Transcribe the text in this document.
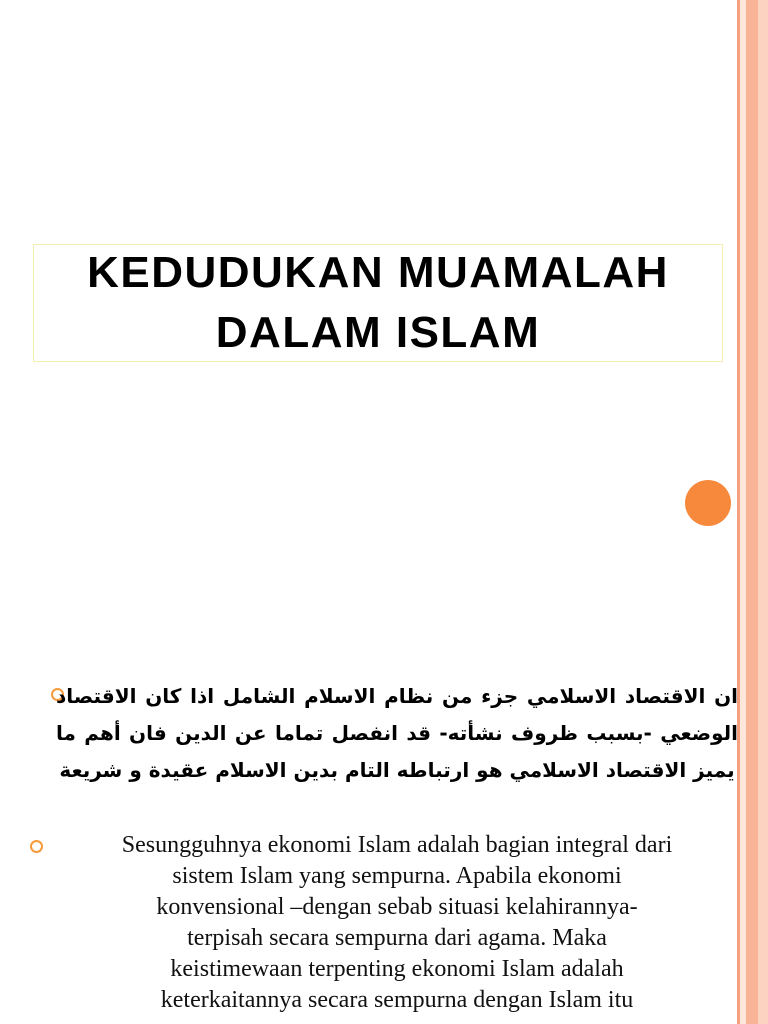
KEDUDUKAN MUAMALAH
DALAM ISLAM

ان الاقتصاد الاسلامي جزء من نظام الاسلام الشامل اذا كان الاقتصاد الوضعي -بسبب ظروف نشأته- قد انفصل تماما عن الدين فان أهم ما يميز الاقتصاد الاسلامي هو ارتباطه التام بدين الاسلام عقيدة و شريعة

Sesungguhnya ekonomi Islam adalah bagian integral dari
sistem Islam yang sempurna. Apabila ekonomi
konvensional –dengan sebab situasi kelahirannya-
terpisah secara sempurna dari agama. Maka
keistimewaan terpenting ekonomi Islam adalah
keterkaitannya secara sempurna dengan Islam itu
